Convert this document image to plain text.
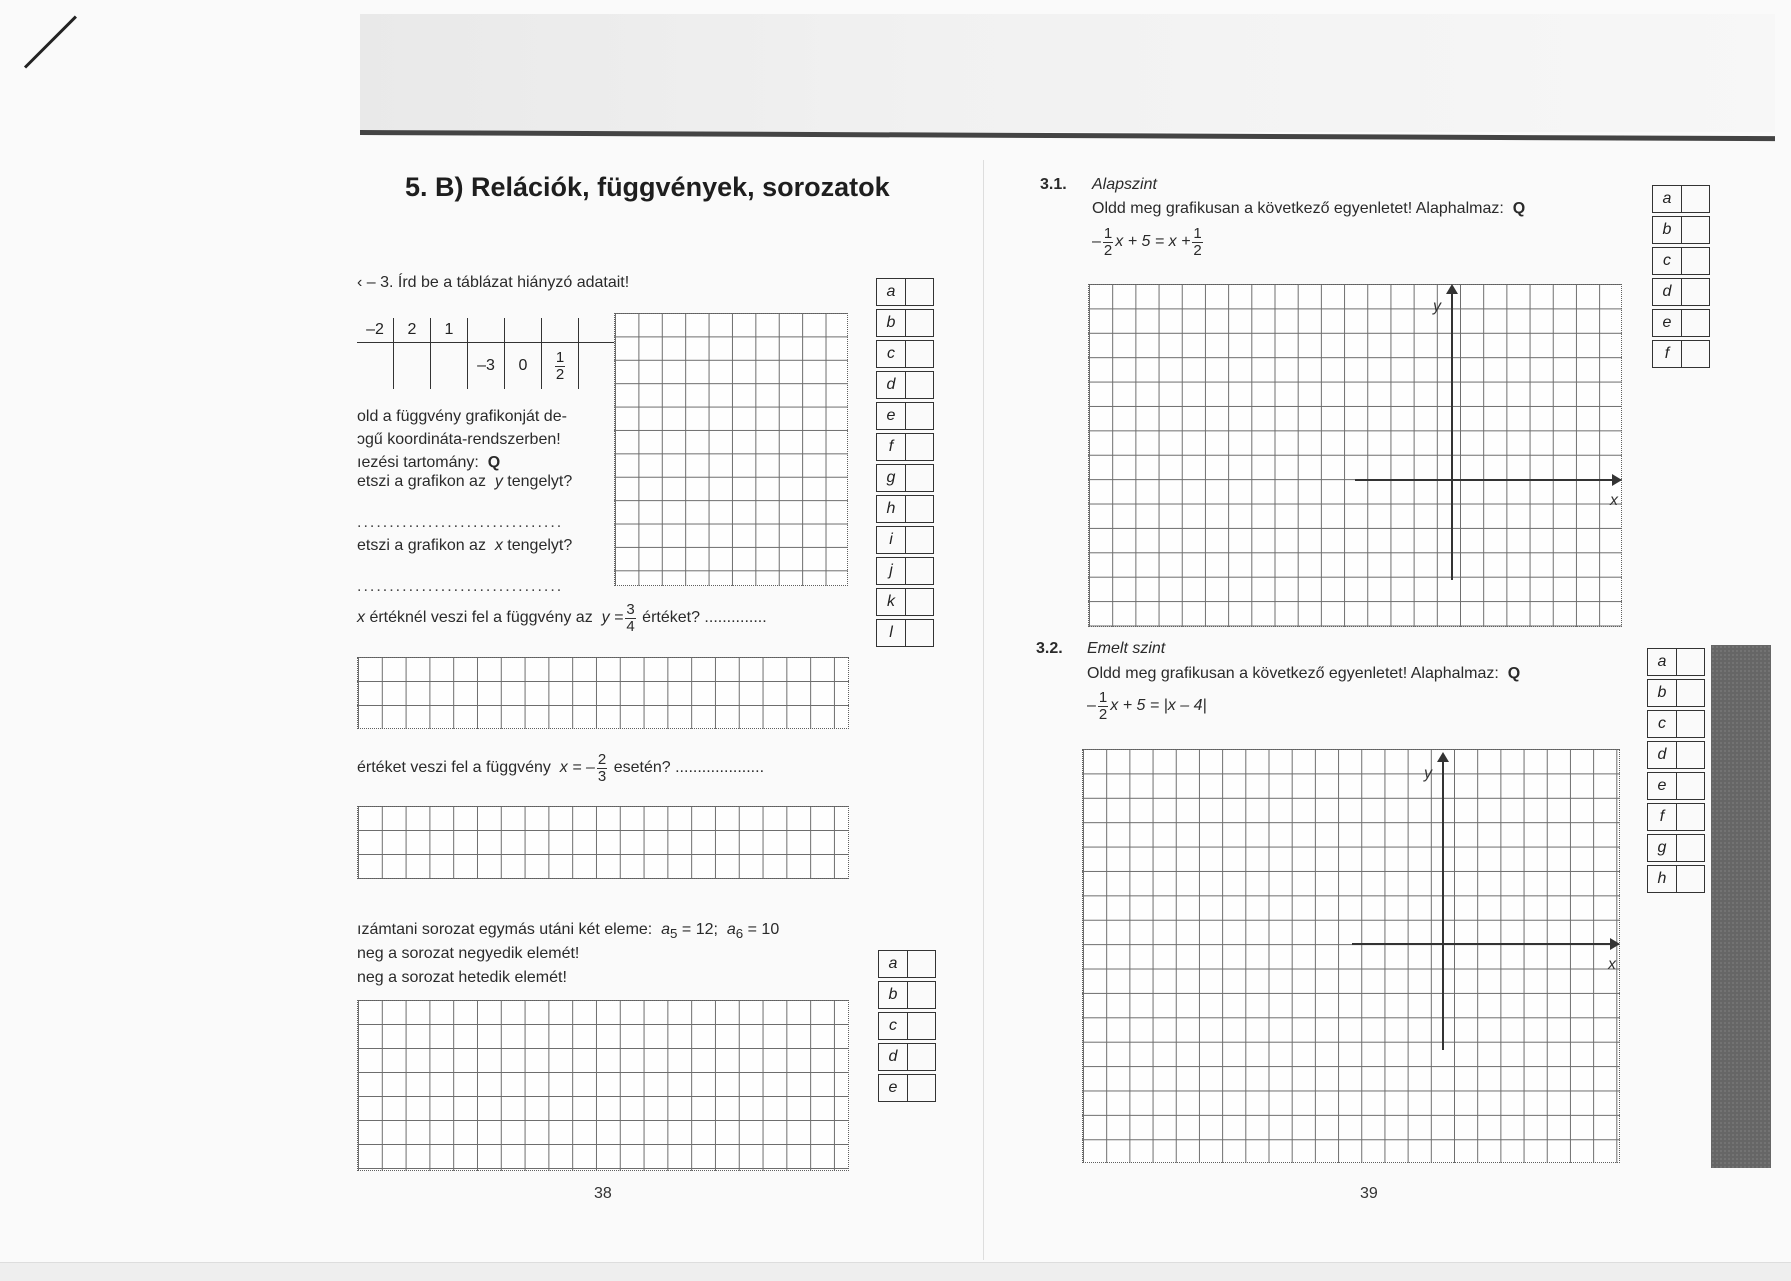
5. B) Relációk, függvények, sorozatok
‹ – 3. Írd be a táblázat hiányzó adatait!
–2	2	1				
			–3	0	$\frac{1}{2}$

old a függvény grafikonját de-
ɔgű koordináta-rendszerben!
ıezési tartomány: Q
etszi a grafikon az y tengelyt?
................................
etszi a grafikon az x tengelyt?
................................
x értéknél veszi fel a függvény az $y = \frac{3}{4}$ értéket? ..............
értéket veszi fel a függvény x = – $\frac{2}{3}$ esetén? ....................
ızámtani sorozat egymás utáni két eleme: $a_5 = 12$; $a_6 = 10$
neg a sorozat negyedik elemét!
neg a sorozat hetedik elemét!
a
b
c
d
e
f
g
h
i
j
k
l
a
b
c
d
e
38
3.1. Alapszint
Oldd meg grafikusan a következő egyenletet! Alaphalmaz: Q
– $\frac{1}{2}$ $x + 5 = x + \frac{1}{2}$
y
x
a
b
c
d
e
f
3.2. Emelt szint
Oldd meg grafikusan a következő egyenletet! Alaphalmaz: Q
– $\frac{1}{2}$ x + 5 = |x – 4|
y
x
a
b
c
d
e
f
g
h
39
